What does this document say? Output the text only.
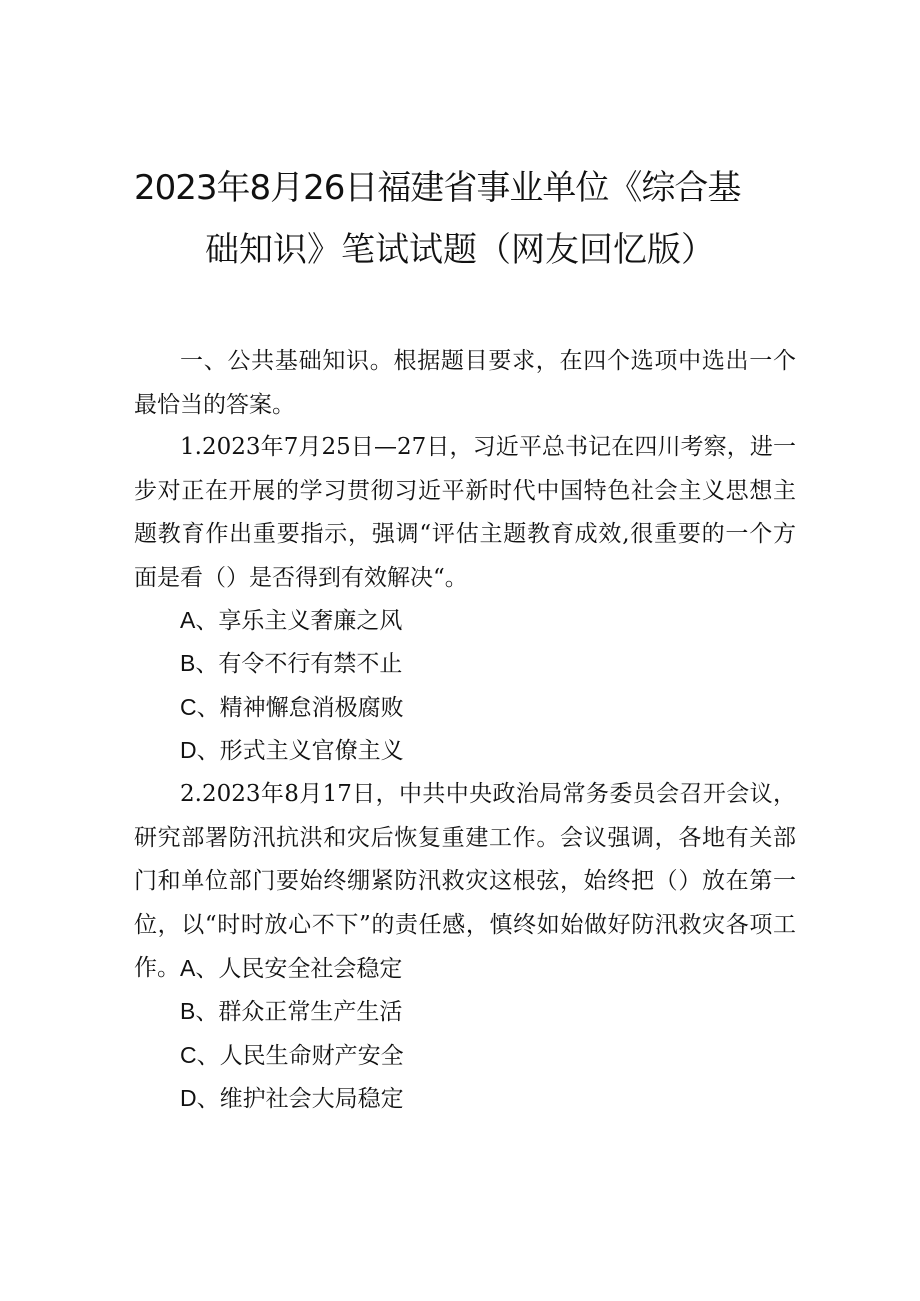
2023年8月26日福建省事业单位《综合基
础知识》笔试试题（网友回忆版）
一、公共基础知识。根据题目要求，在四个选项中选出一个最恰当的答案。
1.2023年7月25日—27日，习近平总书记在四川考察，进一步对正在开展的学习贯彻习近平新时代中国特色社会主义思想主题教育作出重要指示，强调“评估主题教育成效,很重要的一个方面是看（）是否得到有效解决“。
A、享乐主义奢廉之风
B、有令不行有禁不止
C、精神懈怠消极腐败
D、形式主义官僚主义
2.2023年8月17日，中共中央政治局常务委员会召开会议，研究部署防汛抗洪和灾后恢复重建工作。会议强调，各地有关部门和单位部门要始终绷紧防汛救灾这根弦，始终把（）放在第一位，以“时时放心不下”的责任感，慎终如始做好防汛救灾各项工作。 A、人民安全社会稳定
B、群众正常生产生活
C、人民生命财产安全
D、维护社会大局稳定
